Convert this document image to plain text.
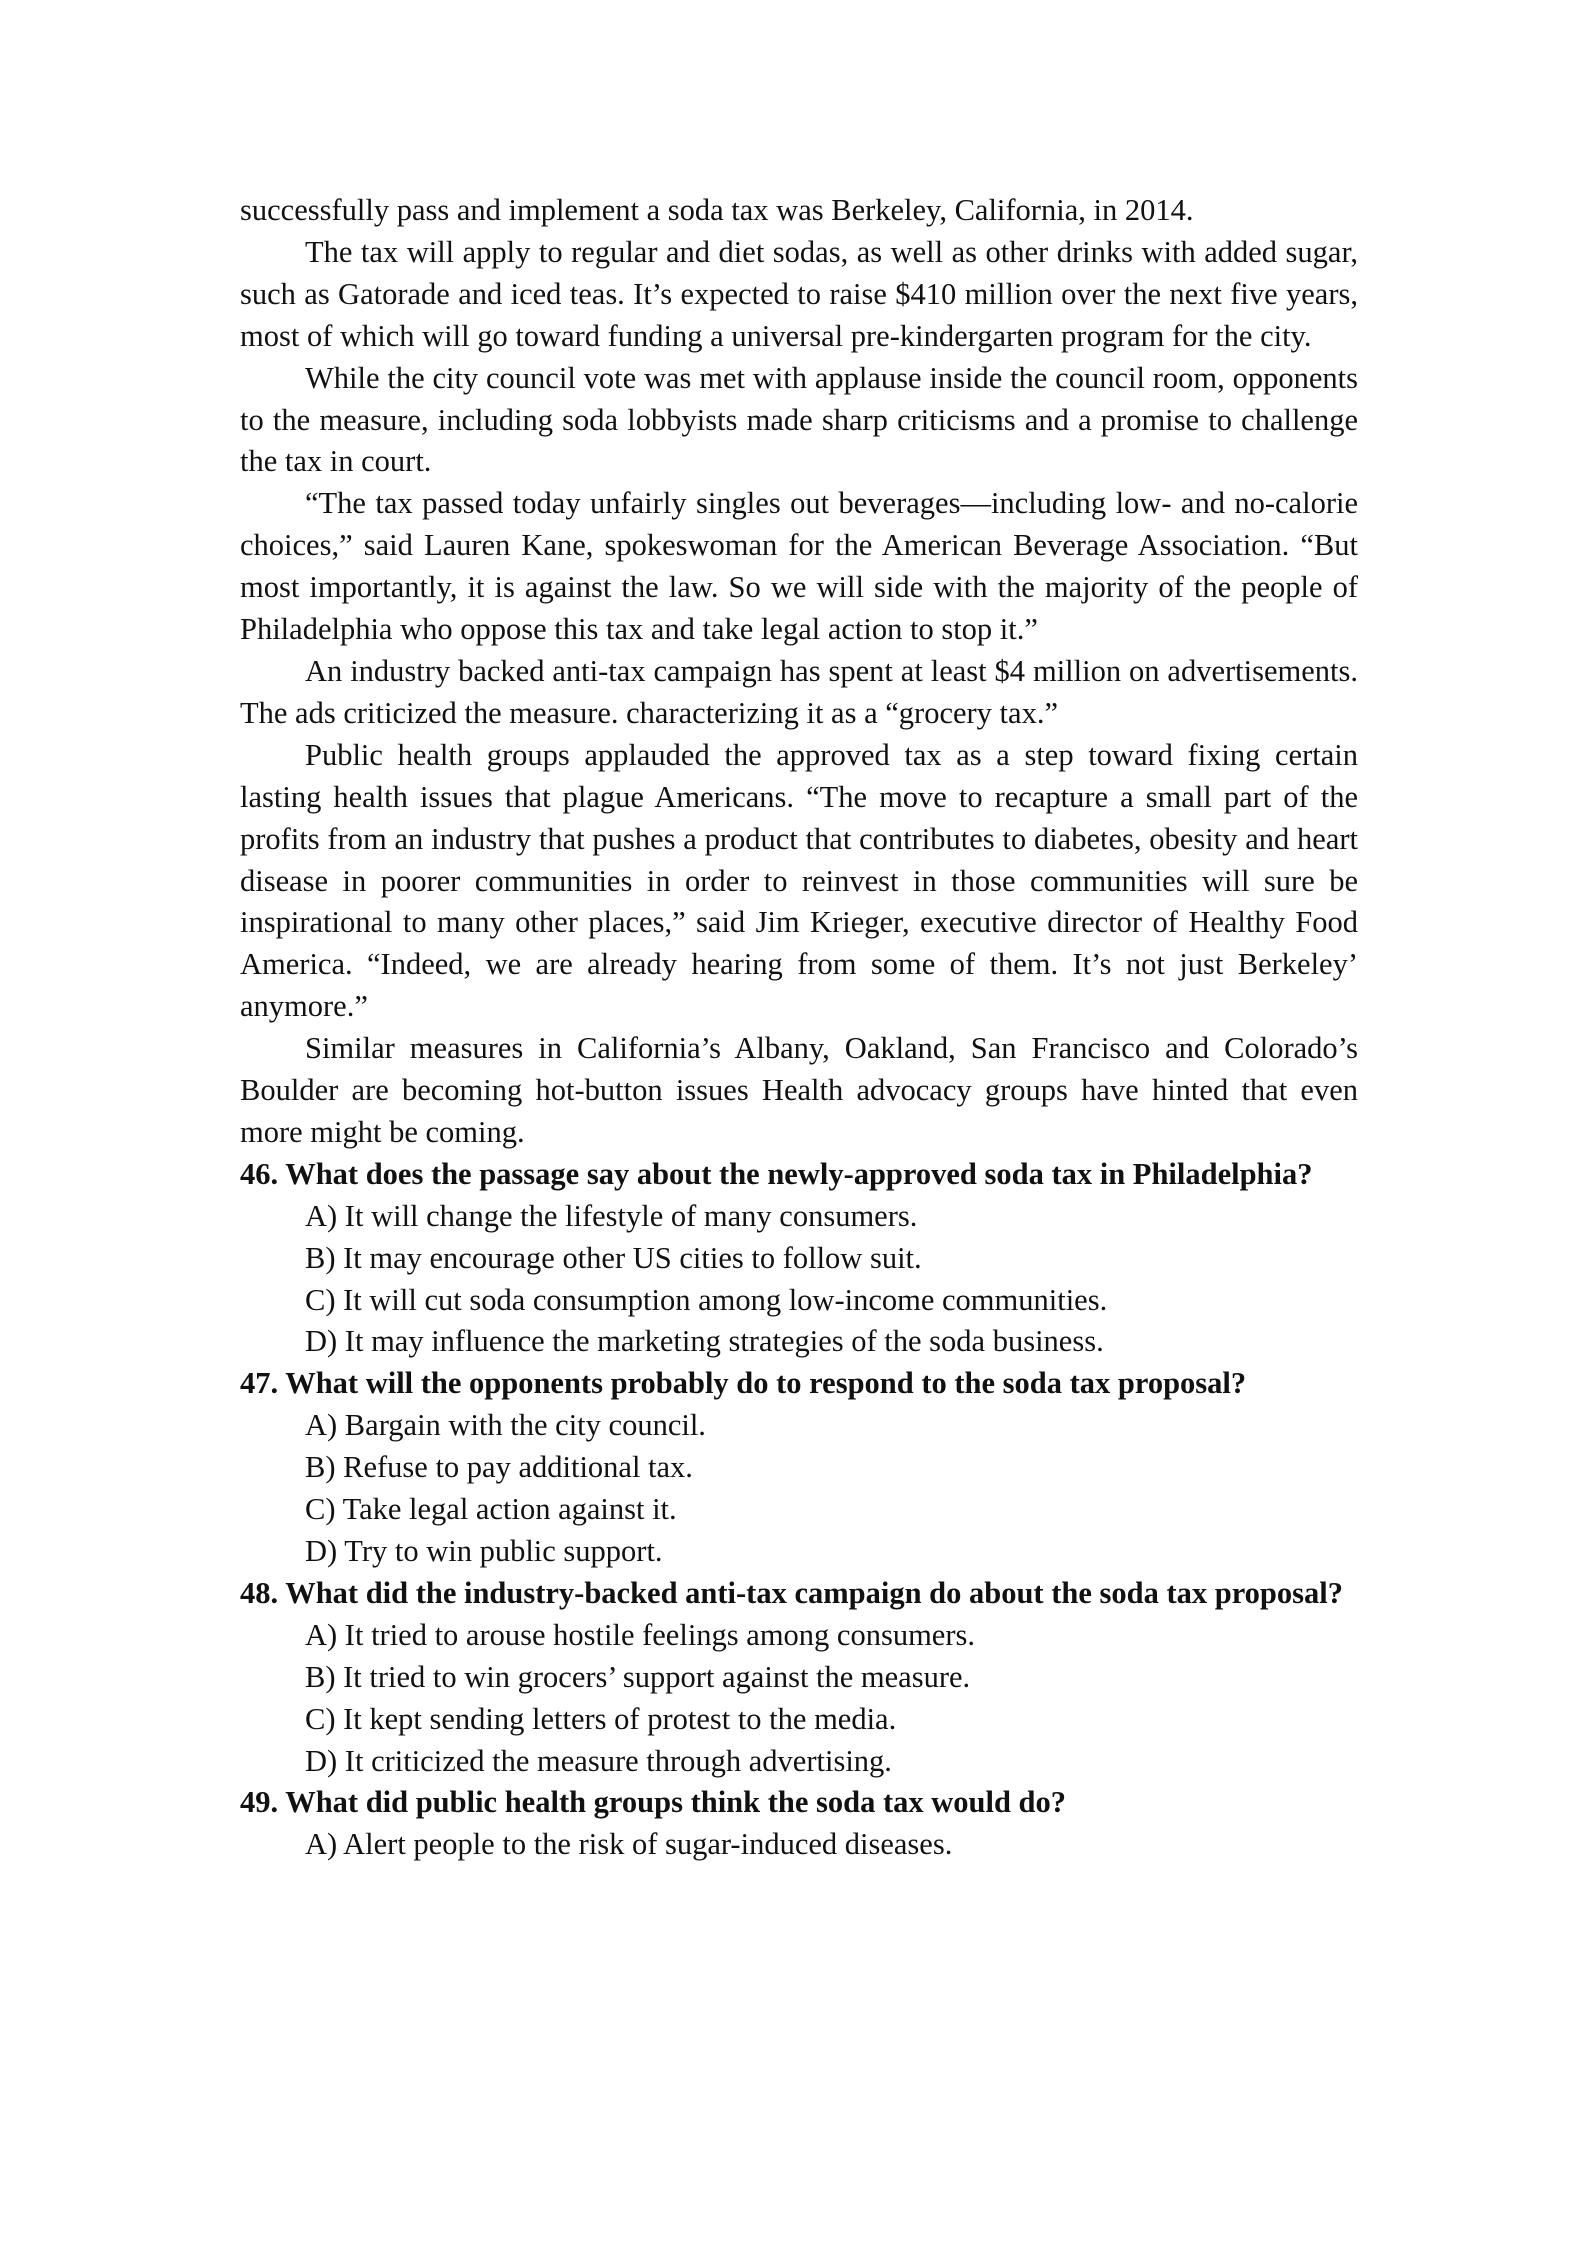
successfully pass and implement a soda tax was Berkeley, California, in 2014.

The tax will apply to regular and diet sodas, as well as other drinks with added sugar, such as Gatorade and iced teas. It’s expected to raise $410 million over the next five years, most of which will go toward funding a universal pre-kindergarten program for the city.

While the city council vote was met with applause inside the council room, opponents to the measure, including soda lobbyists made sharp criticisms and a promise to challenge the tax in court.

“The tax passed today unfairly singles out beverages—including low- and no-calorie choices,” said Lauren Kane, spokeswoman for the American Beverage Association. “But most importantly, it is against the law. So we will side with the majority of the people of Philadelphia who oppose this tax and take legal action to stop it.”

An industry backed anti-tax campaign has spent at least $4 million on advertisements. The ads criticized the measure. characterizing it as a “grocery tax.”

Public health groups applauded the approved tax as a step toward fixing certain lasting health issues that plague Americans. “The move to recapture a small part of the profits from an industry that pushes a product that contributes to diabetes, obesity and heart disease in poorer communities in order to reinvest in those communities will sure be inspirational to many other places,” said Jim Krieger, executive director of Healthy Food America. “Indeed, we are already hearing from some of them. It’s not just Berkeley’ anymore.”

Similar measures in California’s Albany, Oakland, San Francisco and Colorado’s Boulder are becoming hot-button issues Health advocacy groups have hinted that even more might be coming.

46. What does the passage say about the newly-approved soda tax in Philadelphia?

A) It will change the lifestyle of many consumers.
B) It may encourage other US cities to follow suit.
C) It will cut soda consumption among low-income communities.
D) It may influence the marketing strategies of the soda business.

47. What will the opponents probably do to respond to the soda tax proposal?

A) Bargain with the city council.
B) Refuse to pay additional tax.
C) Take legal action against it.
D) Try to win public support.

48. What did the industry-backed anti-tax campaign do about the soda tax proposal?

A) It tried to arouse hostile feelings among consumers.
B) It tried to win grocers’ support against the measure.
C) It kept sending letters of protest to the media.
D) It criticized the measure through advertising.

49. What did public health groups think the soda tax would do?

A) Alert people to the risk of sugar-induced diseases.
